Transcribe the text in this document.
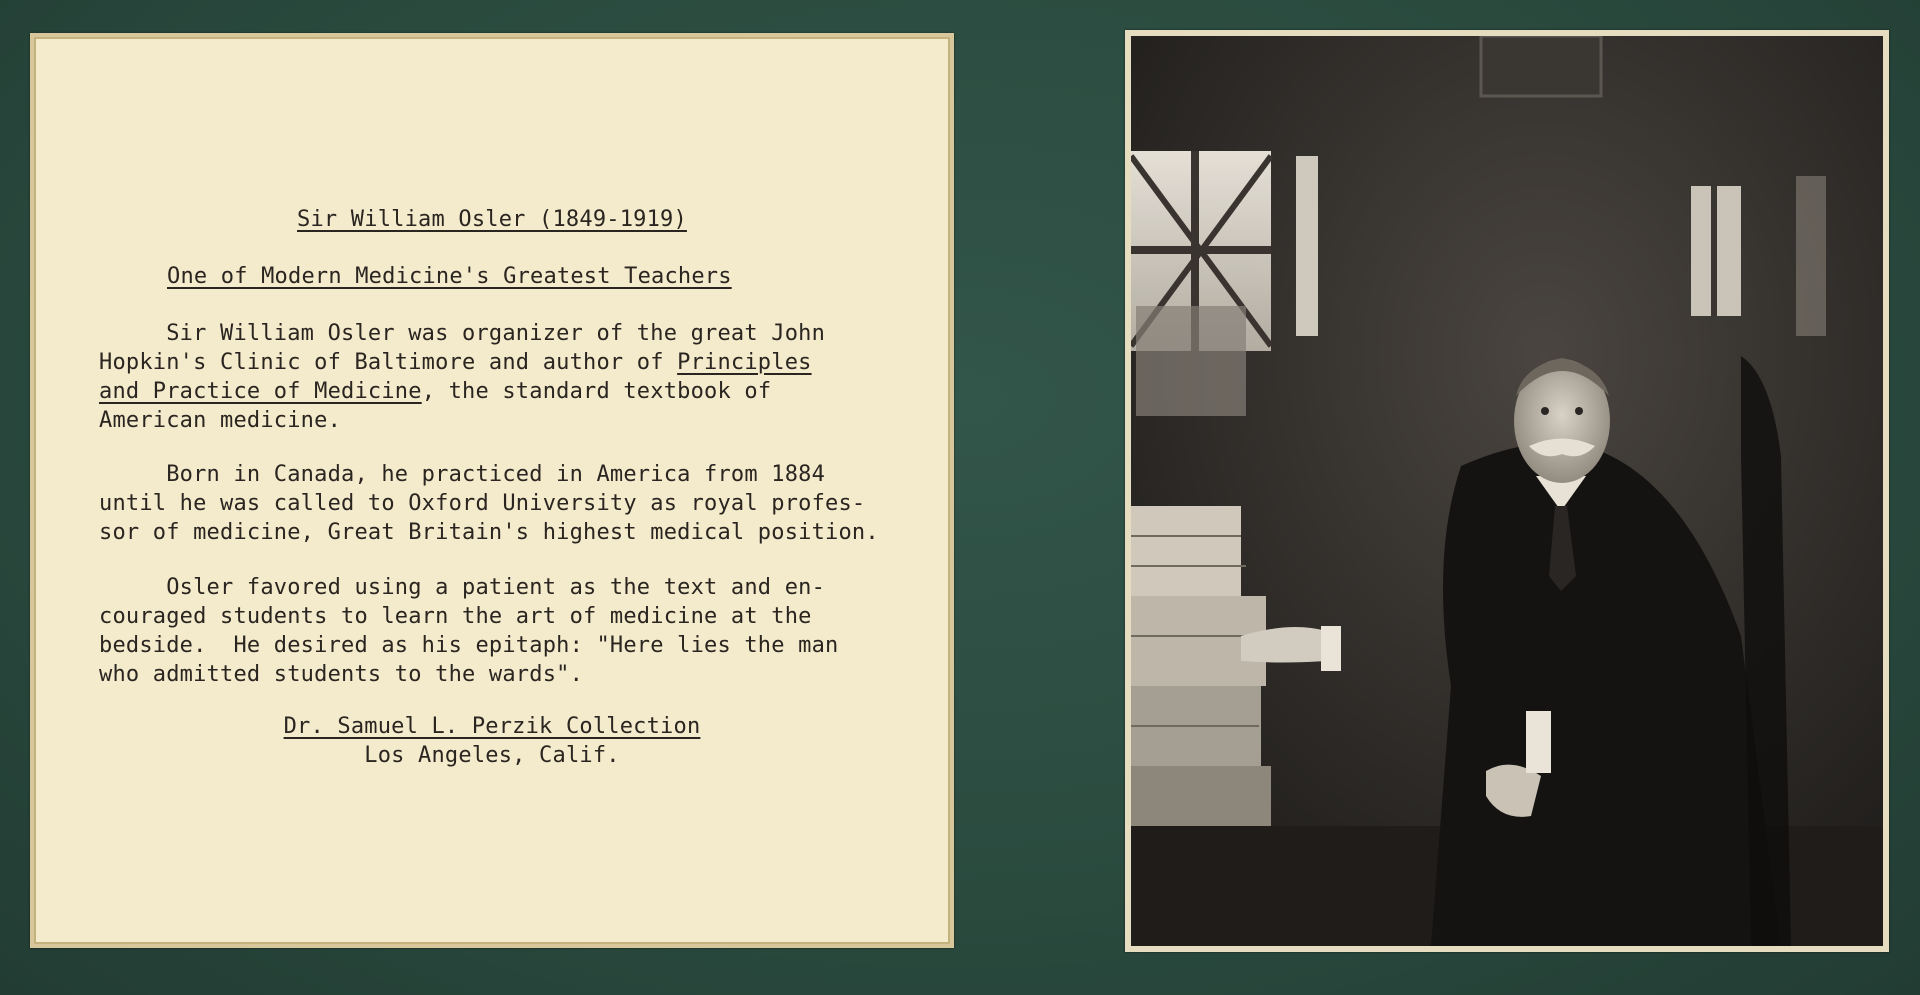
Sir William Osler (1849-1919)
One of Modern Medicine's Greatest Teachers
Sir William Osler was organizer of the great John
Hopkin's Clinic of Baltimore and author of Principles
and Practice of Medicine, the standard textbook of
American medicine.
Born in Canada, he practiced in America from 1884
until he was called to Oxford University as royal profes-
sor of medicine, Great Britain's highest medical position.
Osler favored using a patient as the text and en-
couraged students to learn the art of medicine at the
bedside.  He desired as his epitaph: "Here lies the man
who admitted students to the wards".
Dr. Samuel L. Perzik Collection
Los Angeles, Calif.
